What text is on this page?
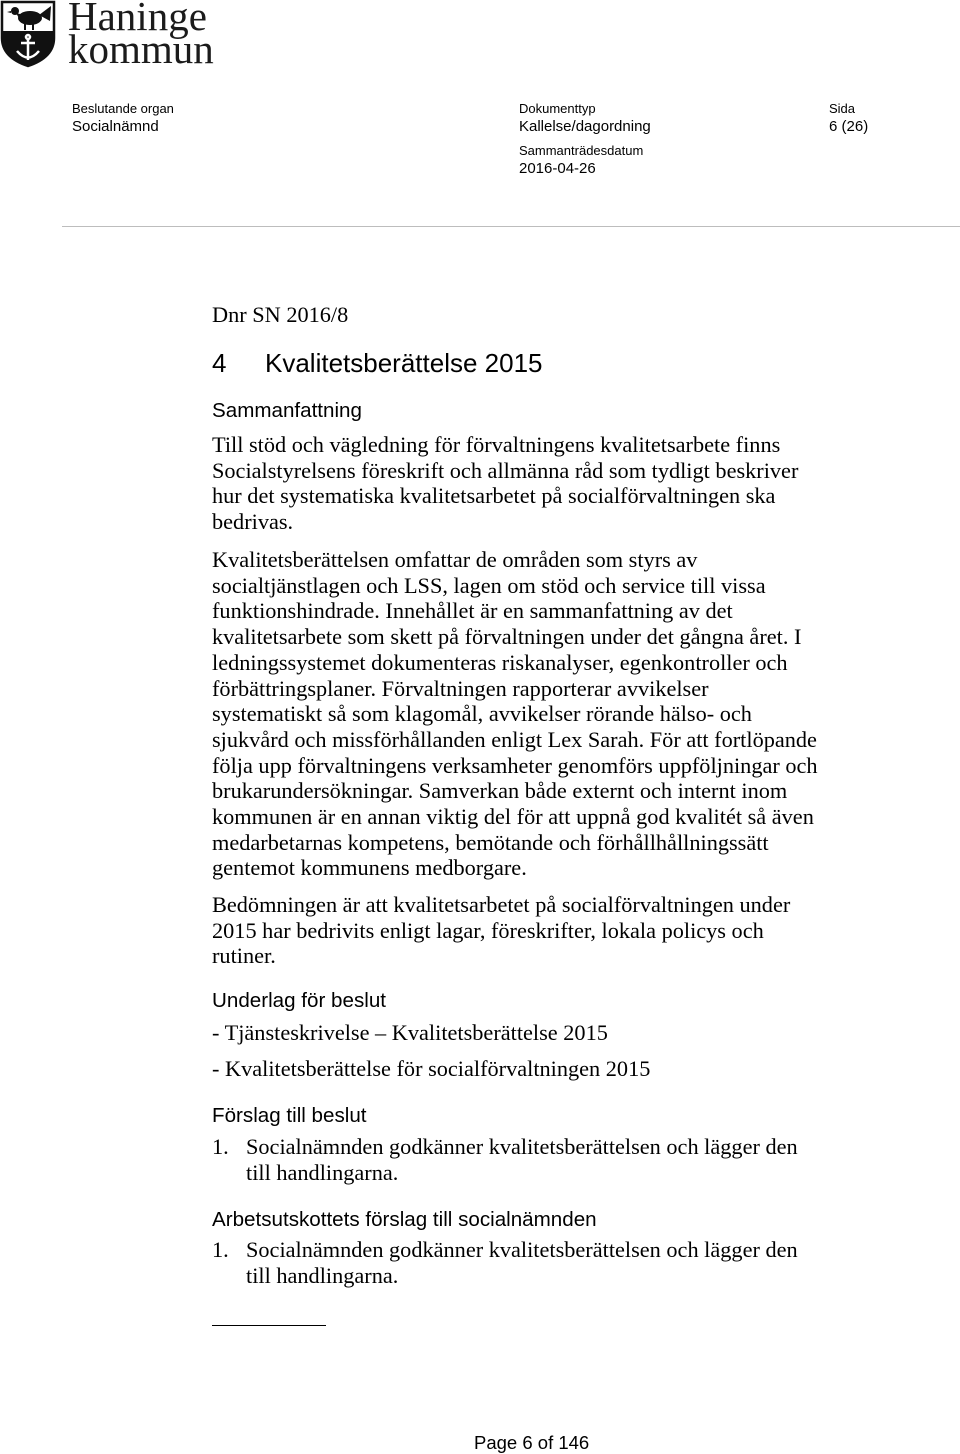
Haninge
kommun
Beslutande organ
Socialnämnd
Dokumenttyp
Kallelse/dagordning
Sida
6 (26)
Sammanträdesdatum
2016-04-26
Dnr SN 2016/8
4 Kvalitetsberättelse 2015
Sammanfattning
Till stöd och vägledning för förvaltningens kvalitetsarbete finns
Socialstyrelsens föreskrift och allmänna råd som tydligt beskriver
hur det systematiska kvalitetsarbetet på socialförvaltningen ska
bedrivas.
Kvalitetsberättelsen omfattar de områden som styrs av
socialtjänstlagen och LSS, lagen om stöd och service till vissa
funktionshindrade. Innehållet är en sammanfattning av det
kvalitetsarbete som skett på förvaltningen under det gångna året. I
ledningssystemet dokumenteras riskanalyser, egenkontroller och
förbättringsplaner. Förvaltningen rapporterar avvikelser
systematiskt så som klagomål, avvikelser rörande hälso- och
sjukvård och missförhållanden enligt Lex Sarah. För att fortlöpande
följa upp förvaltningens verksamheter genomförs uppföljningar och
brukarundersökningar. Samverkan både externt och internt inom
kommunen är en annan viktig del för att uppnå god kvalitét så även
medarbetarnas kompetens, bemötande och förhållhållningssätt
gentemot kommunens medborgare.
Bedömningen är att kvalitetsarbetet på socialförvaltningen under
2015 har bedrivits enligt lagar, föreskrifter, lokala policys och
rutiner.
Underlag för beslut
- Tjänsteskrivelse – Kvalitetsberättelse 2015
- Kvalitetsberättelse för socialförvaltningen 2015
Förslag till beslut
1. Socialnämnden godkänner kvalitetsberättelsen och lägger den
till handlingarna.
Arbetsutskottets förslag till socialnämnden
1. Socialnämnden godkänner kvalitetsberättelsen och lägger den
till handlingarna.
Page 6 of 146
